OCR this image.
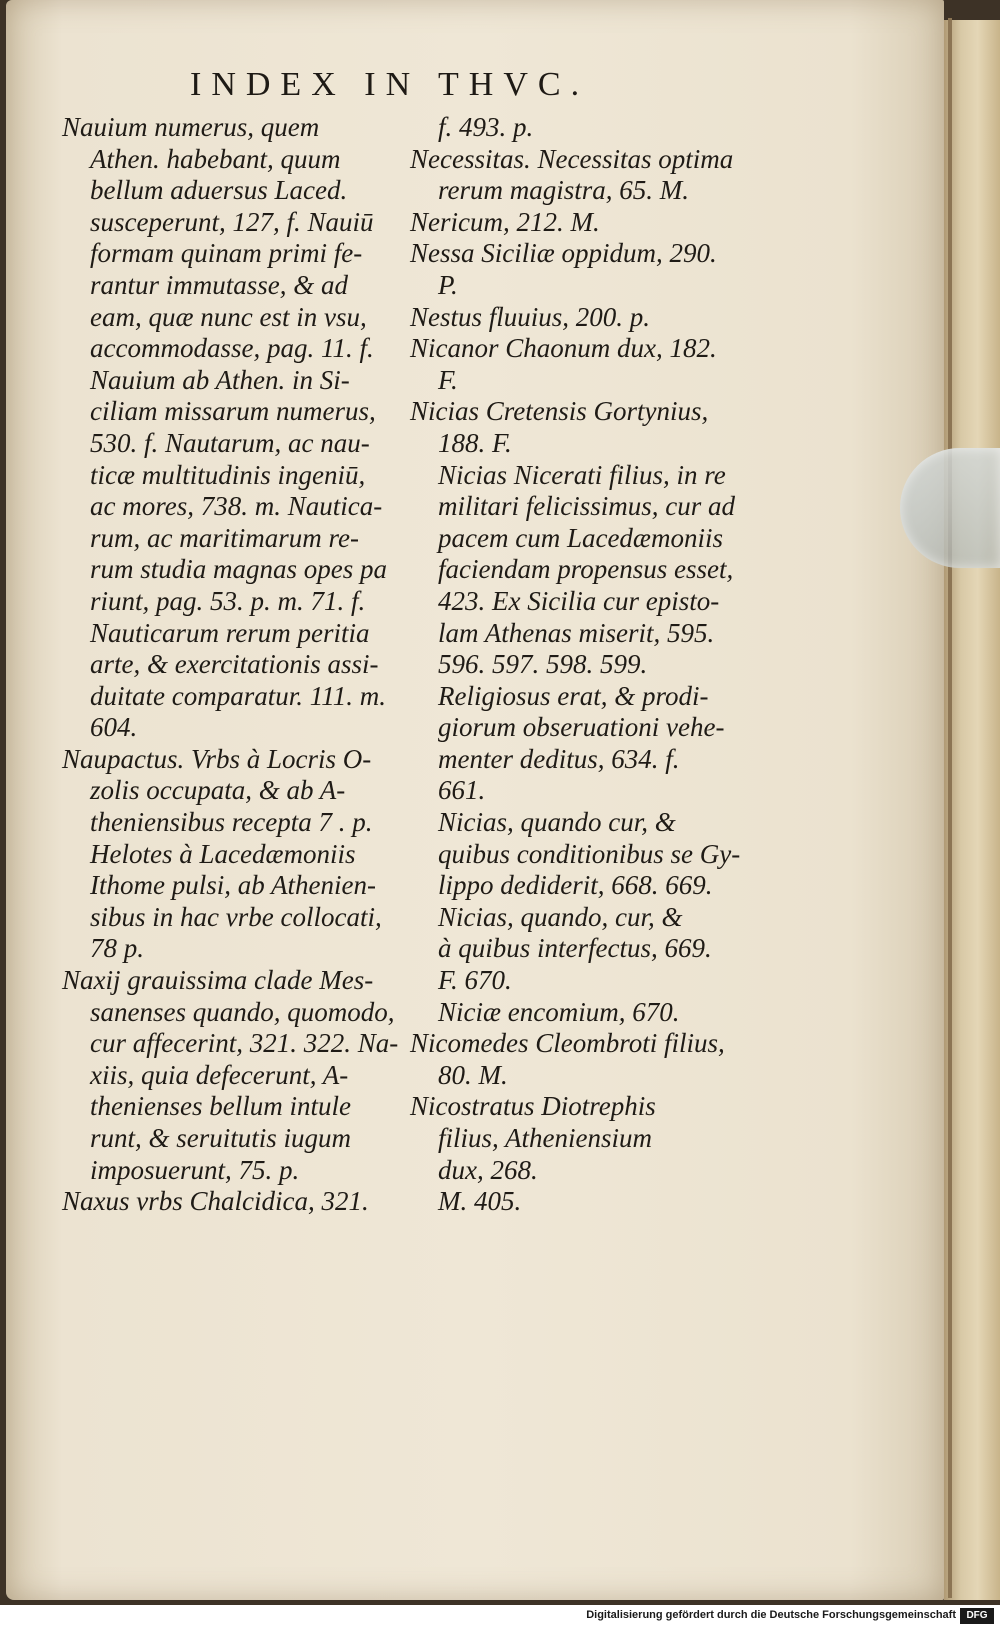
INDEX IN THVC.
Nauium numerus, quem
Athen. habebant, quum
bellum aduersus Laced.
susceperunt, 127, f. Nauiū
formam quinam primi fe-
rantur immutasse, & ad
eam, quæ nunc est in vsu,
accommodasse, pag. 11. f.
Nauium ab Athen. in Si-
ciliam missarum numerus,
530. f. Nautarum, ac nau-
ticæ multitudinis ingeniū,
ac mores, 738. m. Nautica-
rum, ac maritimarum re-
rum studia magnas opes pa
riunt, pag. 53. p. m. 71. f.
Nauticarum rerum peritia
arte, & exercitationis assi-
duitate comparatur. 111. m.
604.
Naupactus. Vrbs à Locris O-
zolis occupata, & ab A-
theniensibus recepta 7 . p.
Helotes à Lacedæmoniis
Ithome pulsi, ab Athenien-
sibus in hac vrbe collocati,
78 p.
Naxij grauissima clade Mes-
sanenses quando, quomodo,
cur affecerint, 321. 322. Na-
xiis, quia defecerunt, A-
thenienses bellum intule
runt, & seruitutis iugum
imposuerunt, 75. p.
Naxus vrbs Chalcidica, 321.
f. 493. p.
Necessitas. Necessitas optima
rerum magistra, 65. M.
Nericum, 212. M.
Nessa Siciliæ oppidum, 290.
P.
Nestus fluuius, 200. p.
Nicanor Chaonum dux, 182.
F.
Nicias Cretensis Gortynius,
188. F.
Nicias Nicerati filius, in re
militari felicissimus, cur ad
pacem cum Lacedæmoniis
faciendam propensus esset,
423. Ex Sicilia cur episto-
lam Athenas miserit, 595.
596. 597. 598. 599.
Religiosus erat, & prodi-
giorum obseruationi vehe-
menter deditus, 634. f.
661.
Nicias, quando cur, &
quibus conditionibus se Gy-
lippo dediderit, 668. 669.
Nicias, quando, cur, &
à quibus interfectus, 669.
F. 670.
Niciæ encomium, 670.
Nicomedes Cleombroti filius,
80. M.
Nicostratus Diotrephis
filius, Atheniensium
dux, 268.
M. 405.
Digitalisierung gefördert durch die Deutsche Forschungsgemeinschaft	DFG
